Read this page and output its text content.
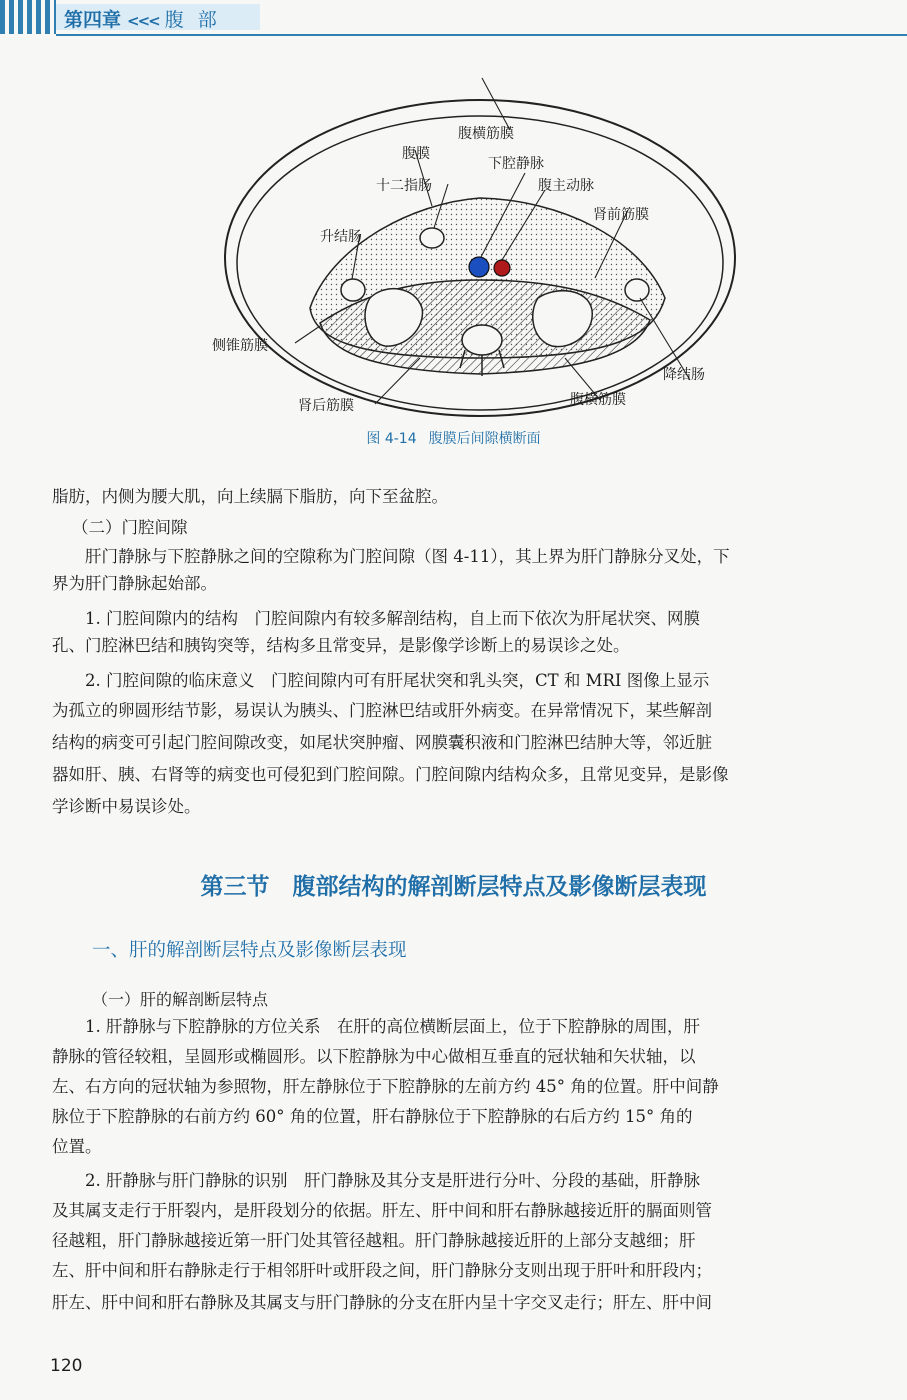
第四章 <<< 腹部
腹横筋膜
腹膜
下腔静脉
十二指肠	腹主动脉
肾前筋膜
升结肠
侧锥筋膜
降结肠
肾后筋膜	腹横筋膜
图 4-14 腹膜后间隙横断面
脂肪，内侧为腰大肌，向上续膈下脂肪，向下至盆腔。
（二）门腔间隙
　　肝门静脉与下腔静脉之间的空隙称为门腔间隙（图 4-11），其上界为肝门静脉分叉处，下
界为肝门静脉起始部。
　　1. 门腔间隙内的结构　门腔间隙内有较多解剖结构，自上而下依次为肝尾状突、网膜
孔、门腔淋巴结和胰钩突等，结构多且常变异，是影像学诊断上的易误诊之处。
　　2. 门腔间隙的临床意义　门腔间隙内可有肝尾状突和乳头突，CT 和 MRI 图像上显示
为孤立的卵圆形结节影，易误认为胰头、门腔淋巴结或肝外病变。在异常情况下，某些解剖
结构的病变可引起门腔间隙改变，如尾状突肿瘤、网膜囊积液和门腔淋巴结肿大等，邻近脏
器如肝、胰、右肾等的病变也可侵犯到门腔间隙。门腔间隙内结构众多，且常见变异，是影像
学诊断中易误诊处。
第三节　腹部结构的解剖断层特点及影像断层表现
一、肝的解剖断层特点及影像断层表现
（一）肝的解剖断层特点
　　1. 肝静脉与下腔静脉的方位关系　在肝的高位横断层面上，位于下腔静脉的周围，肝
静脉的管径较粗，呈圆形或椭圆形。以下腔静脉为中心做相互垂直的冠状轴和矢状轴，以
左、右方向的冠状轴为参照物，肝左静脉位于下腔静脉的左前方约 45° 角的位置。肝中间静
脉位于下腔静脉的右前方约 60° 角的位置，肝右静脉位于下腔静脉的右后方约 15° 角的
位置。
　　2. 肝静脉与肝门静脉的识别　肝门静脉及其分支是肝进行分叶、分段的基础，肝静脉
及其属支走行于肝裂内，是肝段划分的依据。肝左、肝中间和肝右静脉越接近肝的膈面则管
径越粗，肝门静脉越接近第一肝门处其管径越粗。肝门静脉越接近肝的上部分支越细；肝
左、肝中间和肝右静脉走行于相邻肝叶或肝段之间，肝门静脉分支则出现于肝叶和肝段内；
肝左、肝中间和肝右静脉及其属支与肝门静脉的分支在肝内呈十字交叉走行；肝左、肝中间
120
